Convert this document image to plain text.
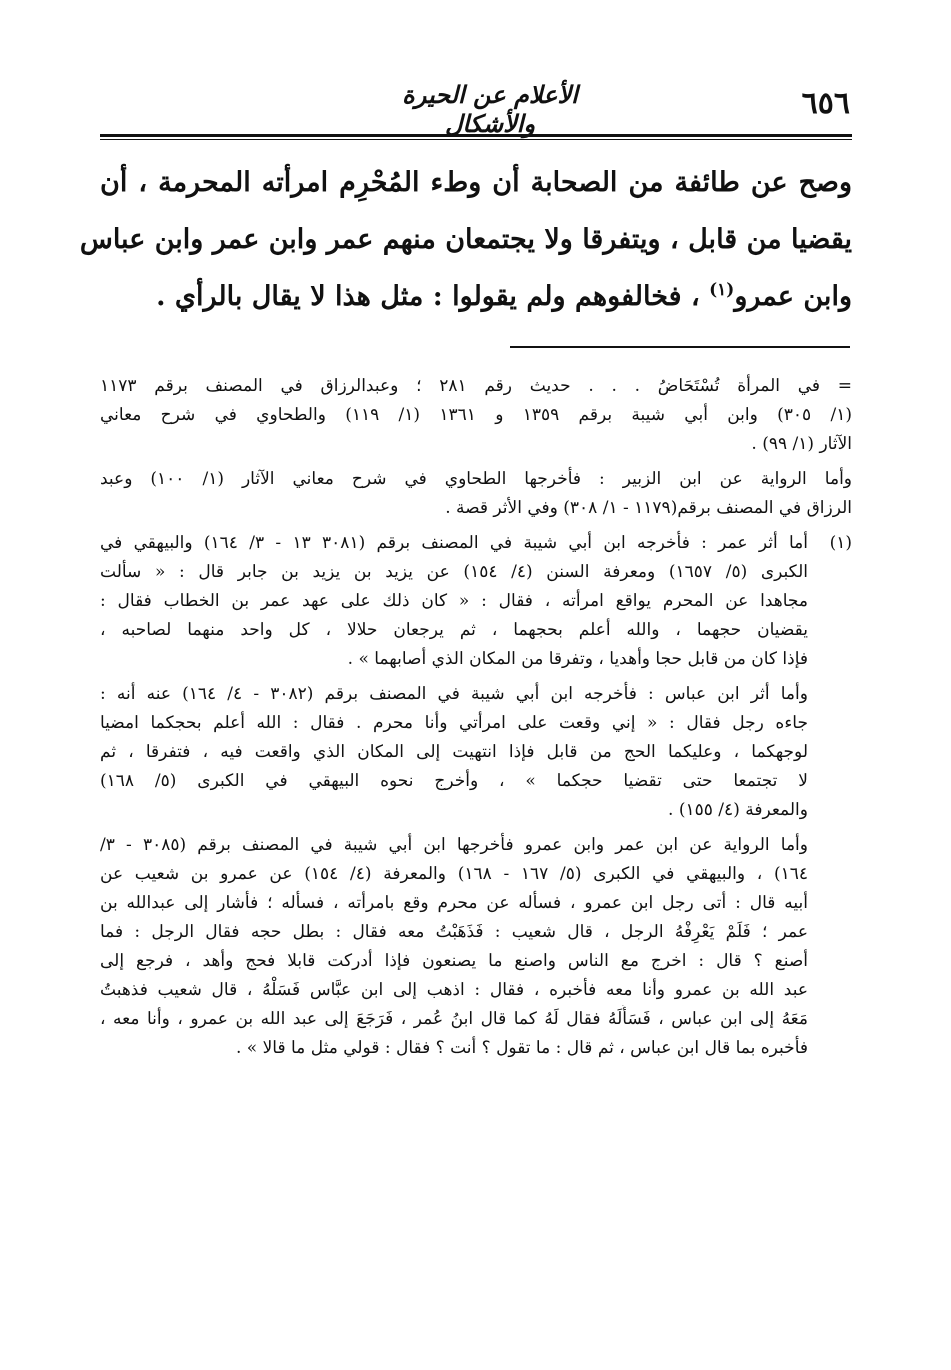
٦٥٦
الأعلام عن الحيرة والأشكال
وصح عن طائفة من الصحابة أن وطء المُحْرِم امرأته المحرمة ، أن
يقضيا من قابل ، ويتفرقا ولا يجتمعان منهم عمر وابن عمر وابن عباس
وابن عمرو$^{(١)}$ ، فخالفوهم ولم يقولوا : مثل هذا لا يقال بالرأي .
= في المرأة تُسْتَحَاضُ . . . حديث رقم ٢٨١ ؛ وعبدالرزاق في المصنف برقم ١١٧٣
(١/ ٣٠٥) وابن أبي شيبة برقم ١٣٥٩ و ١٣٦١ (١/ ١١٩) والطحاوي في شرح معاني
الآثار (١/ ٩٩) .
وأما الرواية عن ابن الزبير : فأخرجها الطحاوي في شرح معاني الآثار (١/ ١٠٠) وعبد
الرزاق في المصنف برقم(١١٧٩ - ١/ ٣٠٨) وفي الأثر قصة .
(١)
أما أثر عمر : فأخرجه ابن أبي شيبة في المصنف برقم (٣٠٨١ ١٣ - ٣/ ١٦٤) والبيهقي في
الكبرى (٥/ ١٦٥٧) ومعرفة السنن (٤/ ١٥٤) عن يزيد بن يزيد بن جابر قال : « سألت
مجاهدا عن المحرم يواقع امرأته ، فقال : « كان ذلك على عهد عمر بن الخطاب فقال :
يقضيان حجهما ، والله أعلم بحجهما ، ثم يرجعان حلالا ، كل واحد منهما لصاحبه ،
فإذا كان من قابل حجا وأهديا ، وتفرقا من المكان الذي أصابهما » .
وأما أثر ابن عباس : فأخرجه ابن أبي شيبة في المصنف برقم (٣٠٨٢ - ٤/ ١٦٤) عنه أنه :
جاءه رجل فقال : « إني وقعت على امرأتي وأنا محرم . فقال : الله أعلم بحجكما امضيا
لوجهكما ، وعليكما الحج من قابل فإذا انتهيت إلى المكان الذي واقعت فيه ، فتفرقا ، ثم
لا تجتمعا حتى تقضيا حجكما » ، وأخرج نحوه البيهقي في الكبرى (٥/ ١٦٨)
والمعرفة (٤/ ١٥٥) .
وأما الرواية عن ابن عمر وابن عمرو فأخرجها ابن أبي شيبة في المصنف برقم (٣٠٨٥ - ٣/
١٦٤) ، والبيهقي في الكبرى (٥/ ١٦٧ - ١٦٨) والمعرفة (٤/ ١٥٤) عن عمرو بن شعيب عن
أبيه قال : أتى رجل ابن عمرو ، فسأله عن محرم وقع بامرأته ، فسأله ؛ فأشار إلى عبدالله بن
عمر ؛ فَلَمْ يَعْرِفْهُ الرجل ، قال شعيب : فَذَهَبْتُ معه فقال : بطل حجه فقال الرجل : فما
أصنع ؟ قال : اخرج مع الناس واصنع ما يصنعون فإذا أدركت قابلا فحج وأهد ، فرجع إلى
عبد الله بن عمرو وأنا معه فأخبره ، فقال : اذهب إلى ابن عبَّاس فَسَلْهُ ، قال شعيب فذهبتُ
مَعَهُ إلى ابن عباس ، فَسَأَلَهُ فقال لَهُ كما قال ابنُ عُمر ، فَرَجَعَ إلى عبد الله بن عمرو ، وأنا معه ،
فأخبره بما قال ابن عباس ، ثم قال : ما تقول ؟ أنت ؟ فقال : قولي مثل ما قالا » .
